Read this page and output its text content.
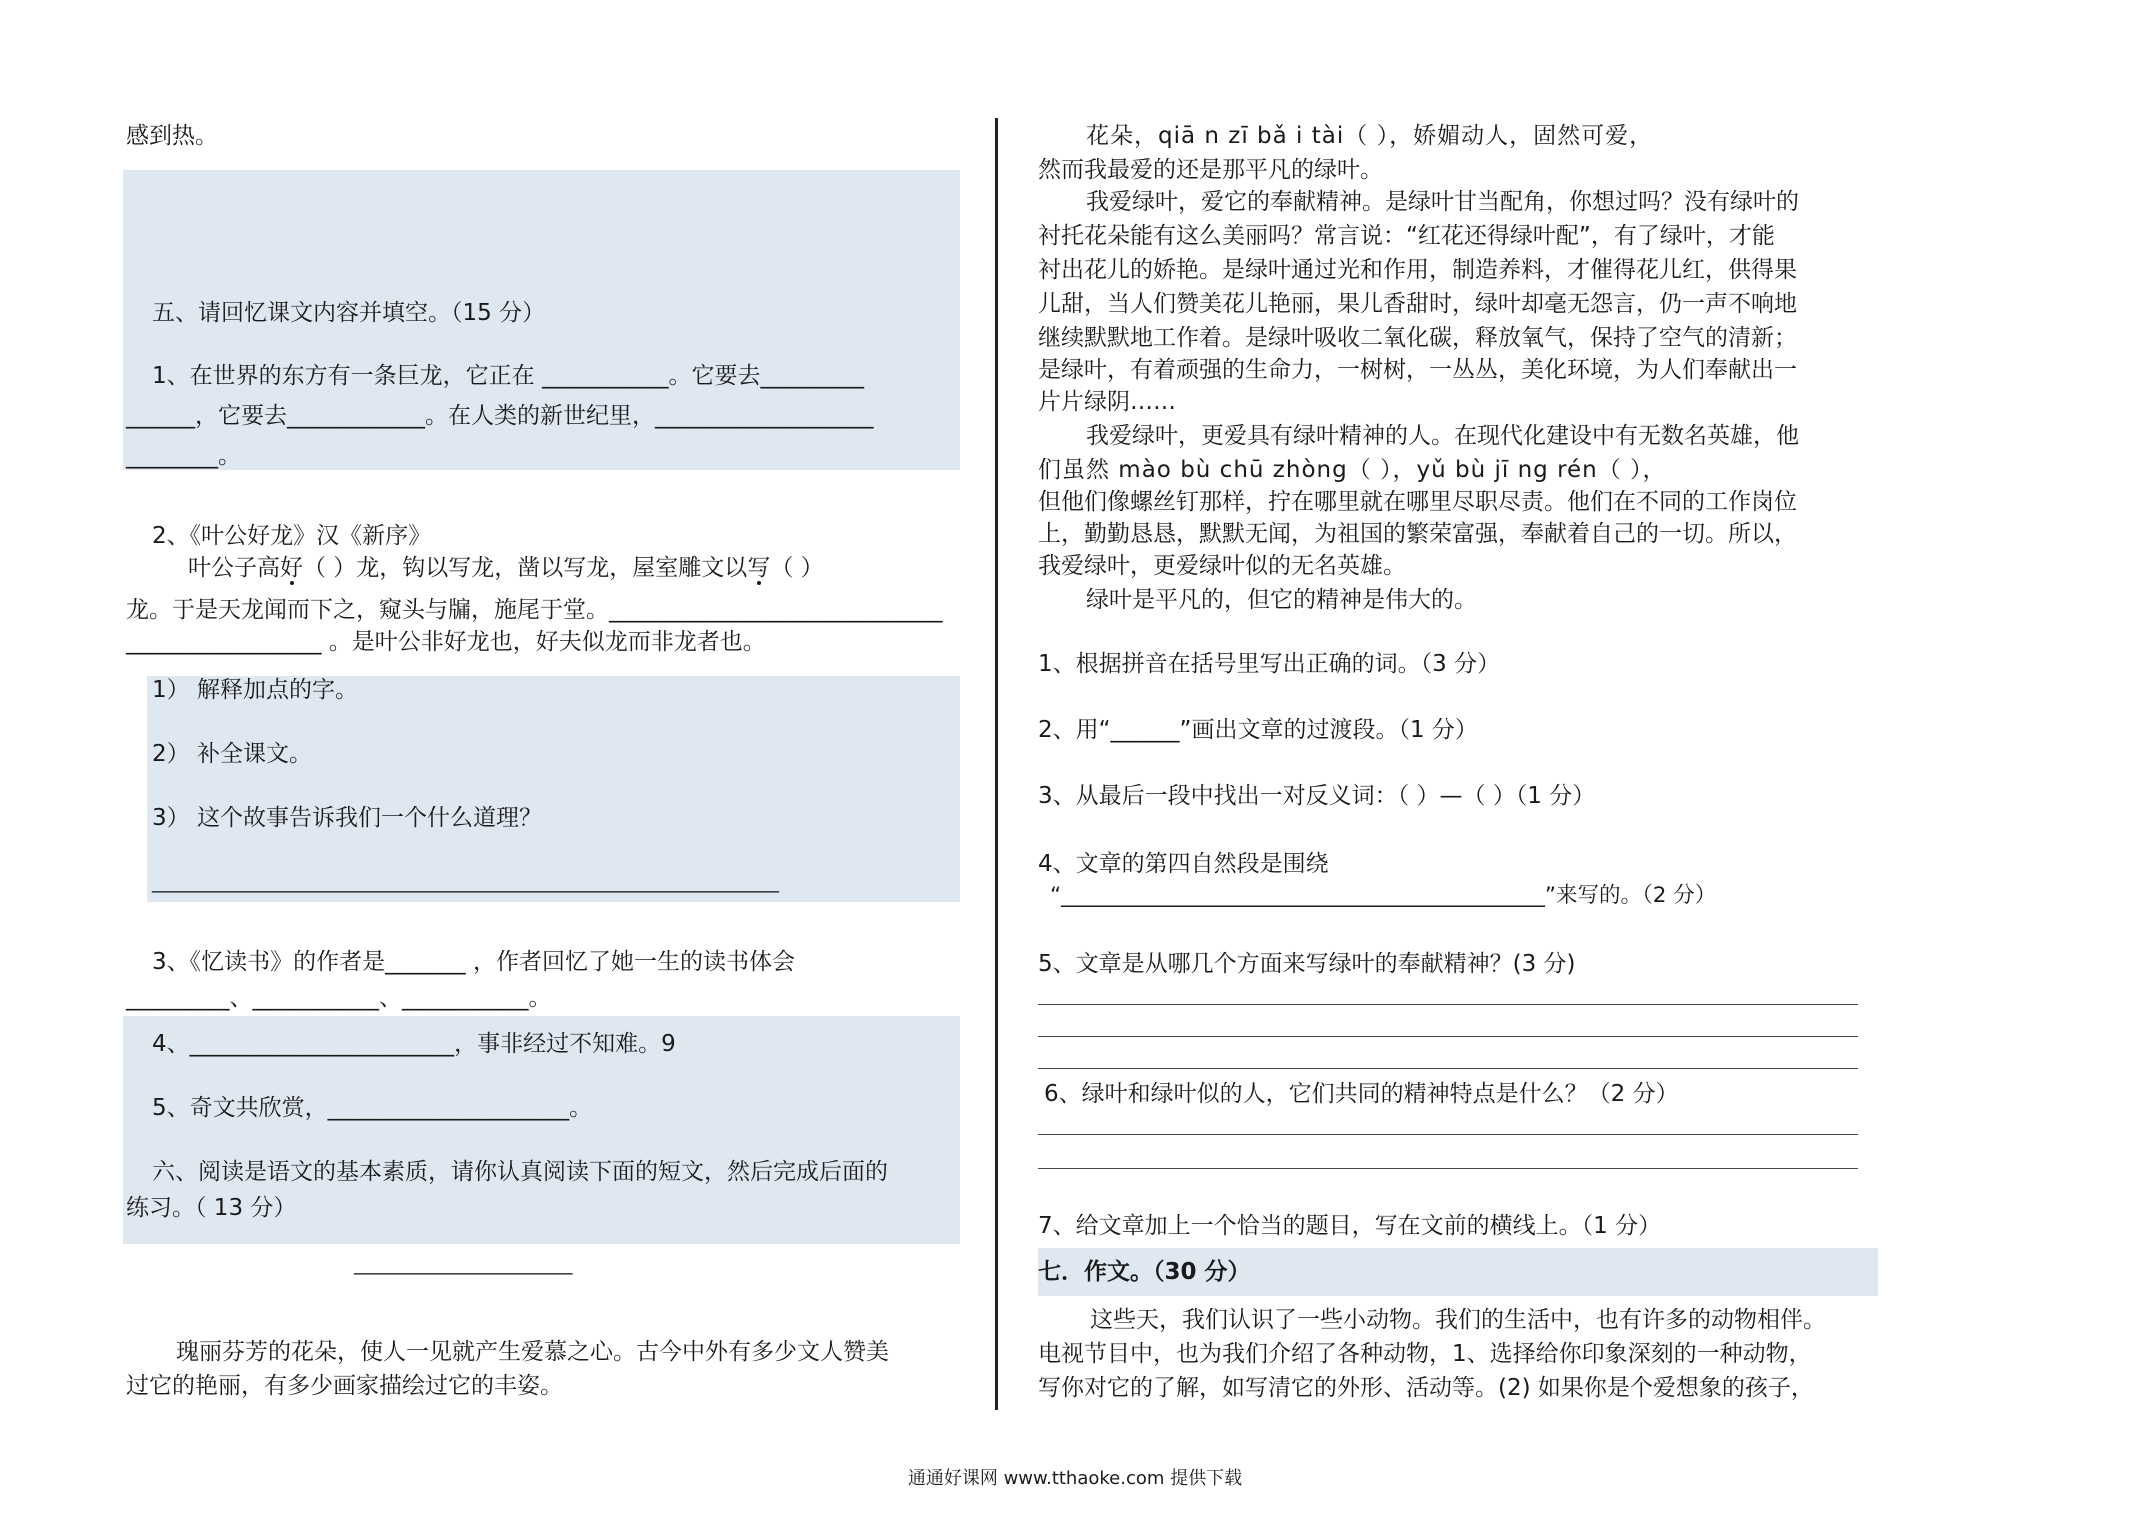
感到热。
五、请回忆课文内容并填空。（15 分）
1、在世界的东方有一条巨龙，它正在 ___________。它要去_________
______，它要去____________。在人类的新世纪里，___________________
________。
2、《叶公好龙》汉《新序》
叶公子高好（ ）龙，钩以写龙，凿以写龙，屋室雕文以写（ ）
龙。于是天龙闻而下之，窥头与牖，施尾于堂。_____________________________
_________________ 。是叶公非好龙也，好夫似龙而非龙者也。
1） 解释加点的字。
2） 补全课文。
3） 这个故事告诉我们一个什么道理？
__________________________________________________________________
3、《忆读书》的作者是_______ ，作者回忆了她一生的读书体会
_________、___________、___________。
4、_______________________，事非经过不知难。9
5、奇文共欣赏，_____________________。
六、阅读是语文的基本素质，请你认真阅读下面的短文，然后完成后面的
练习。（ 13 分）
_______________________
瑰丽芬芳的花朵，使人一见就产生爱慕之心。古今中外有多少文人赞美
过它的艳丽，有多少画家描绘过它的丰姿。
花朵，qiā n zī bǎ i tài（ ），娇媚动人，固然可爱，
然而我最爱的还是那平凡的绿叶。
我爱绿叶，爱它的奉献精神。是绿叶甘当配角，你想过吗？没有绿叶的
衬托花朵能有这么美丽吗？常言说：“红花还得绿叶配”，有了绿叶，才能
衬出花儿的娇艳。是绿叶通过光和作用，制造养料，才催得花儿红，供得果
儿甜，当人们赞美花儿艳丽，果儿香甜时，绿叶却毫无怨言，仍一声不响地
继续默默地工作着。是绿叶吸收二氧化碳，释放氧气，保持了空气的清新；
是绿叶，有着顽强的生命力，一树树，一丛丛，美化环境，为人们奉献出一
片片绿阴……
我爱绿叶，更爱具有绿叶精神的人。在现代化建设中有无数名英雄，他
们虽然 mào bù chū zhòng（ ），yǔ bù jī ng rén（ ），
但他们像螺丝钉那样，拧在哪里就在哪里尽职尽责。他们在不同的工作岗位
上，勤勤恳恳，默默无闻，为祖国的繁荣富强，奉献着自己的一切。所以，
我爱绿叶，更爱绿叶似的无名英雄。
绿叶是平凡的，但它的精神是伟大的。
1、根据拼音在括号里写出正确的词。（3 分）
2、用“______”画出文章的过渡段。（1 分）
3、从最后一段中找出一对反义词：（ ）—（ ）（1 分）
4、文章的第四自然段是围绕
“_____________________________________________”来写的。（2 分）
5、文章是从哪几个方面来写绿叶的奉献精神？(3 分)
6、绿叶和绿叶似的人，它们共同的精神特点是什么？（2 分）
7、给文章加上一个恰当的题目，写在文前的横线上。（1 分）
七．作文。（30 分）
这些天，我们认识了一些小动物。我们的生活中，也有许多的动物相伴。
电视节目中，也为我们介绍了各种动物，1、选择给你印象深刻的一种动物，
写你对它的了解，如写清它的外形、活动等。(2) 如果你是个爱想象的孩子，
通通好课网 www.tthaoke.com 提供下载
